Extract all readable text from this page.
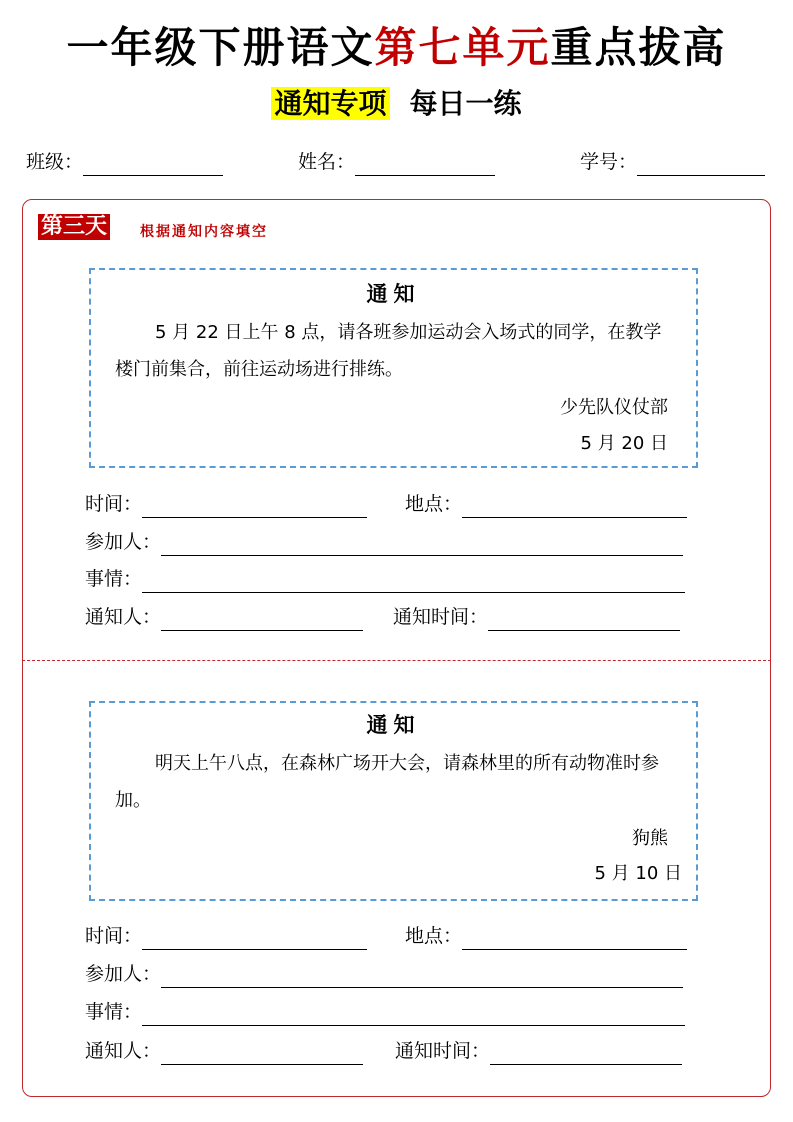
一年级下册语文第七单元重点拔高
通知专项 每日一练
班级：	姓名：	学号：
第三天 根据通知内容填空
通知
5 月 22 日上午 8 点，请各班参加运动会入场式的同学，在教学楼门前集合，前往运动场进行排练。
少先队仪仗部
5 月 20 日
时间：	地点：
参加人：
事情：
通知人：	通知时间：
通知
明天上午八点，在森林广场开大会，请森林里的所有动物准时参加。
狗熊
5 月 10 日
时间：	地点：
参加人：
事情：
通知人：	通知时间：
